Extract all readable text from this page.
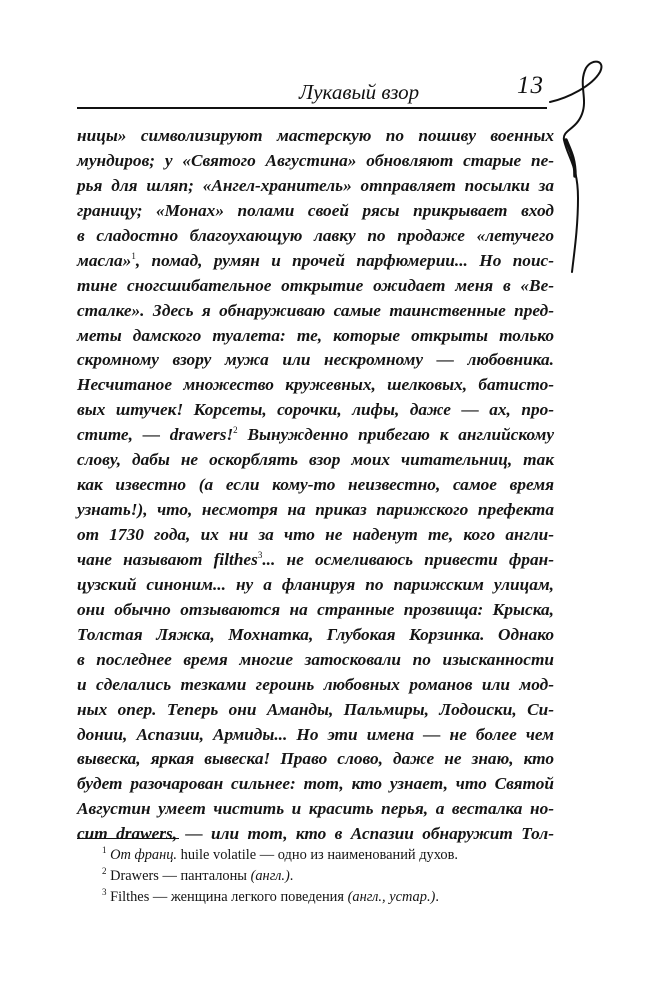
Лукавый взор	13
ницы» символизируют мастерскую по пошиву военных
мундиров; у «Святого Августина» обновляют старые пе-
рья для шляп; «Ангел-хранитель» отправляет посылки за
границу; «Монах» полами своей рясы прикрывает вход
в сладостно благоухающую лавку по продаже «летучего
масла»$^1$, помад, румян и прочей парфюмерии... Но поис-
тине сногсшибательное открытие ожидает меня в «Ве-
сталке». Здесь я обнаруживаю самые таинственные пред-
меты дамского туалета: те, которые открыты только
скромному взору мужа или нескромному — любовника.
Несчитаное множество кружевных, шелковых, батисто-
вых штучек! Корсеты, сорочки, лифы, даже — ах, про-
стите, — drawers!$^2$ Вынужденно прибегаю к английскому
слову, дабы не оскорблять взор моих читательниц, так
как известно (а если кому-то неизвестно, самое время
узнать!), что, несмотря на приказ парижского префекта
от 1730 года, их ни за что не наденут те, кого англи-
чане называют filthes$^3$... не осмеливаюсь привести фран-
цузский синоним... ну а фланируя по парижским улицам,
они обычно отзываются на странные прозвища: Крыска,
Толстая Ляжка, Мохнатка, Глубокая Корзинка. Однако
в последнее время многие затосковали по изысканности
и сделались тезками героинь любовных романов или мод-
ных опер. Теперь они Аманды, Пальмиры, Лодоиски, Си-
донии, Аспазии, Армиды... Но эти имена — не более чем
вывеска, яркая вывеска! Право слово, даже не знаю, кто
будет разочарован сильнее: тот, кто узнает, что Святой
Августин умеет чистить и красить перья, а весталка но-
сит drawers, — или тот, кто в Аспазии обнаружит Тол-
$^1$ От франц. huile volatile — одно из наименований духов.
$^2$ Drawers — панталоны (англ.).
$^3$ Filthes — женщина легкого поведения (англ., устар.).
